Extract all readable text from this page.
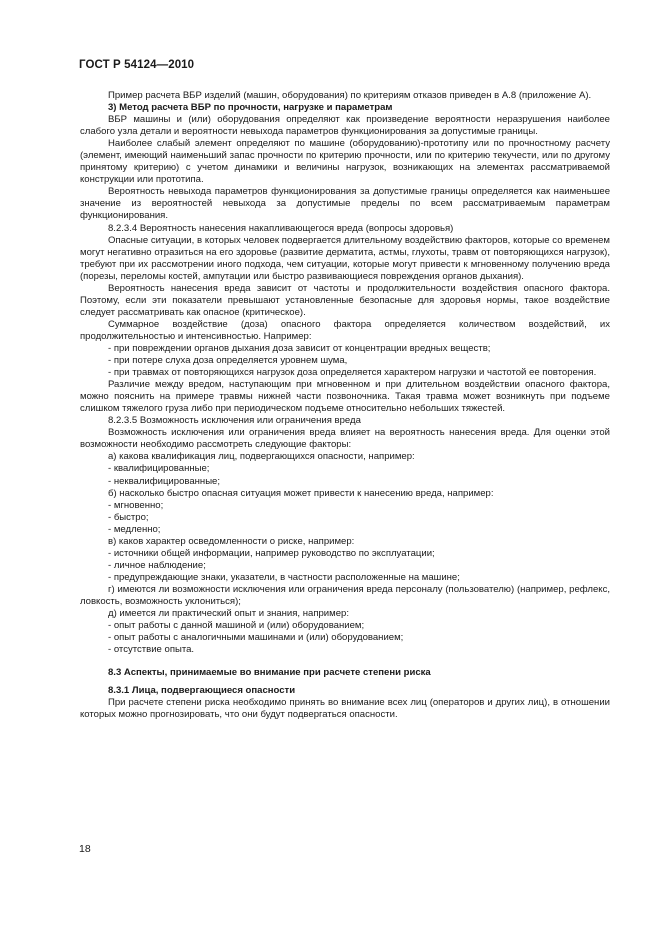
ГОСТ Р 54124—2010

Пример расчета ВБР изделий (машин, оборудования) по критериям отказов приведен в А.8 (приложение А).

3) Метод расчета ВБР по прочности, нагрузке и параметрам

ВБР машины и (или) оборудования определяют как произведение вероятности неразрушения наиболее слабого узла детали и вероятности невыхода параметров функционирования за допустимые границы.

Наиболее слабый элемент определяют по машине (оборудованию)-прототипу или по прочностному расчету (элемент, имеющий наименьший запас прочности по критерию прочности, или по критерию текучести, или по другому принятому критерию) с учетом динамики и величины нагрузок, возникающих на элементах рассматриваемой конструкции или прототипа.

Вероятность невыхода параметров функционирования за допустимые границы определяется как наименьшее значение из вероятностей невыхода за допустимые пределы по всем рассматриваемым параметрам функционирования.

8.2.3.4 Вероятность нанесения накапливающегося вреда (вопросы здоровья)

Опасные ситуации, в которых человек подвергается длительному воздействию факторов, которые со временем могут негативно отразиться на его здоровье (развитие дерматита, астмы, глухоты, травм от повторяющихся нагрузок), требуют при их рассмотрении иного подхода, чем ситуации, которые могут привести к мгновенному получению вреда (порезы, переломы костей, ампутации или быстро развивающиеся повреждения органов дыхания).

Вероятность нанесения вреда зависит от частоты и продолжительности воздействия опасного фактора. Поэтому, если эти показатели превышают установленные безопасные для здоровья нормы, такое воздействие следует рассматривать как опасное (критическое).

Суммарное воздействие (доза) опасного фактора определяется количеством воздействий, их продолжительностью и интенсивностью. Например:

- при повреждении органов дыхания доза зависит от концентрации вредных веществ;

- при потере слуха доза определяется уровнем шума,

- при травмах от повторяющихся нагрузок доза определяется характером нагрузки и частотой ее повторения.

Различие между вредом, наступающим при мгновенном и при длительном воздействии опасного фактора, можно пояснить на примере травмы нижней части позвоночника. Такая травма может возникнуть при подъеме слишком тяжелого груза либо при периодическом подъеме относительно небольших тяжестей.

8.2.3.5 Возможность исключения или ограничения вреда

Возможность исключения или ограничения вреда влияет на вероятность нанесения вреда. Для оценки этой возможности необходимо рассмотреть следующие факторы:

а) какова квалификация лиц, подвергающихся опасности, например:

- квалифицированные;

- неквалифицированные;

б) насколько быстро опасная ситуация может привести к нанесению вреда, например:

- мгновенно;

- быстро;

- медленно;

в) каков характер осведомленности о риске, например:

- источники общей информации, например руководство по эксплуатации;

- личное наблюдение;

- предупреждающие знаки, указатели, в частности расположенные на машине;

г) имеются ли возможности исключения или ограничения вреда персоналу (пользователю) (например, рефлекс, ловкость, возможность уклониться);

д) имеется ли практический опыт и знания, например:

- опыт работы с данной машиной и (или) оборудованием;

- опыт работы с аналогичными машинами и (или) оборудованием;

- отсутствие опыта.

8.3 Аспекты, принимаемые во внимание при расчете степени риска

8.3.1 Лица, подвергающиеся опасности

При расчете степени риска необходимо принять во внимание всех лиц (операторов и других лиц), в отношении которых можно прогнозировать, что они будут подвергаться опасности.

18
